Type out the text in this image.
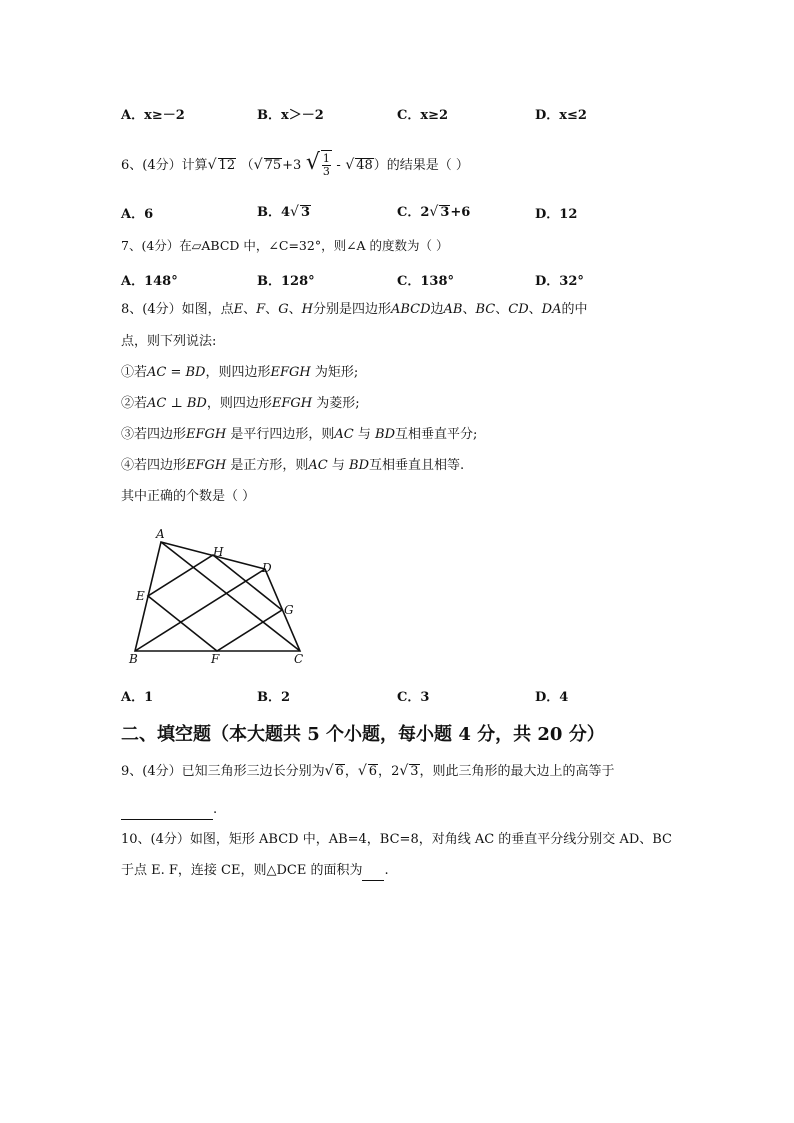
A．x≥－2	B．x＞－2	C．x≥2	D．x≤2
6、(4分）计算√ 12 （√ 75+3 √ $\frac{1}{3}$ - √ 48）的结果是（ ）
A．6	B．4√ 3	C．2√ 3+6	D．12
7、(4分）在▱ABCD 中，∠C=32°，则∠A 的度数为（ ）
A．148°	B．128°	C．138°	D．32°
8、(4分）如图，点E、F、G、H分别是四边形ABCD边AB、BC、CD、DA的中
点，则下列说法:
①若AC = BD，则四边形EFGH 为矩形;
②若AC ⊥ BD，则四边形EFGH 为菱形;
③若四边形EFGH 是平行四边形，则AC 与 BD互相垂直平分;
④若四边形EFGH 是正方形，则AC 与 BD互相垂直且相等.
其中正确的个数是（ ）
A
B	C
D
E
F
G
H
A．1	B．2	C．3	D．4
二、填空题（本大题共 5 个小题，每小题 4 分，共 20 分）
9、(4分）已知三角形三边长分别为√ 6，√ 6，2√ 3，则此三角形的最大边上的高等于
.
10、(4分）如图，矩形 ABCD 中，AB=4，BC=8，对角线 AC 的垂直平分线分别交 AD、BC
于点 E. F，连接 CE，则△DCE 的面积为 .
